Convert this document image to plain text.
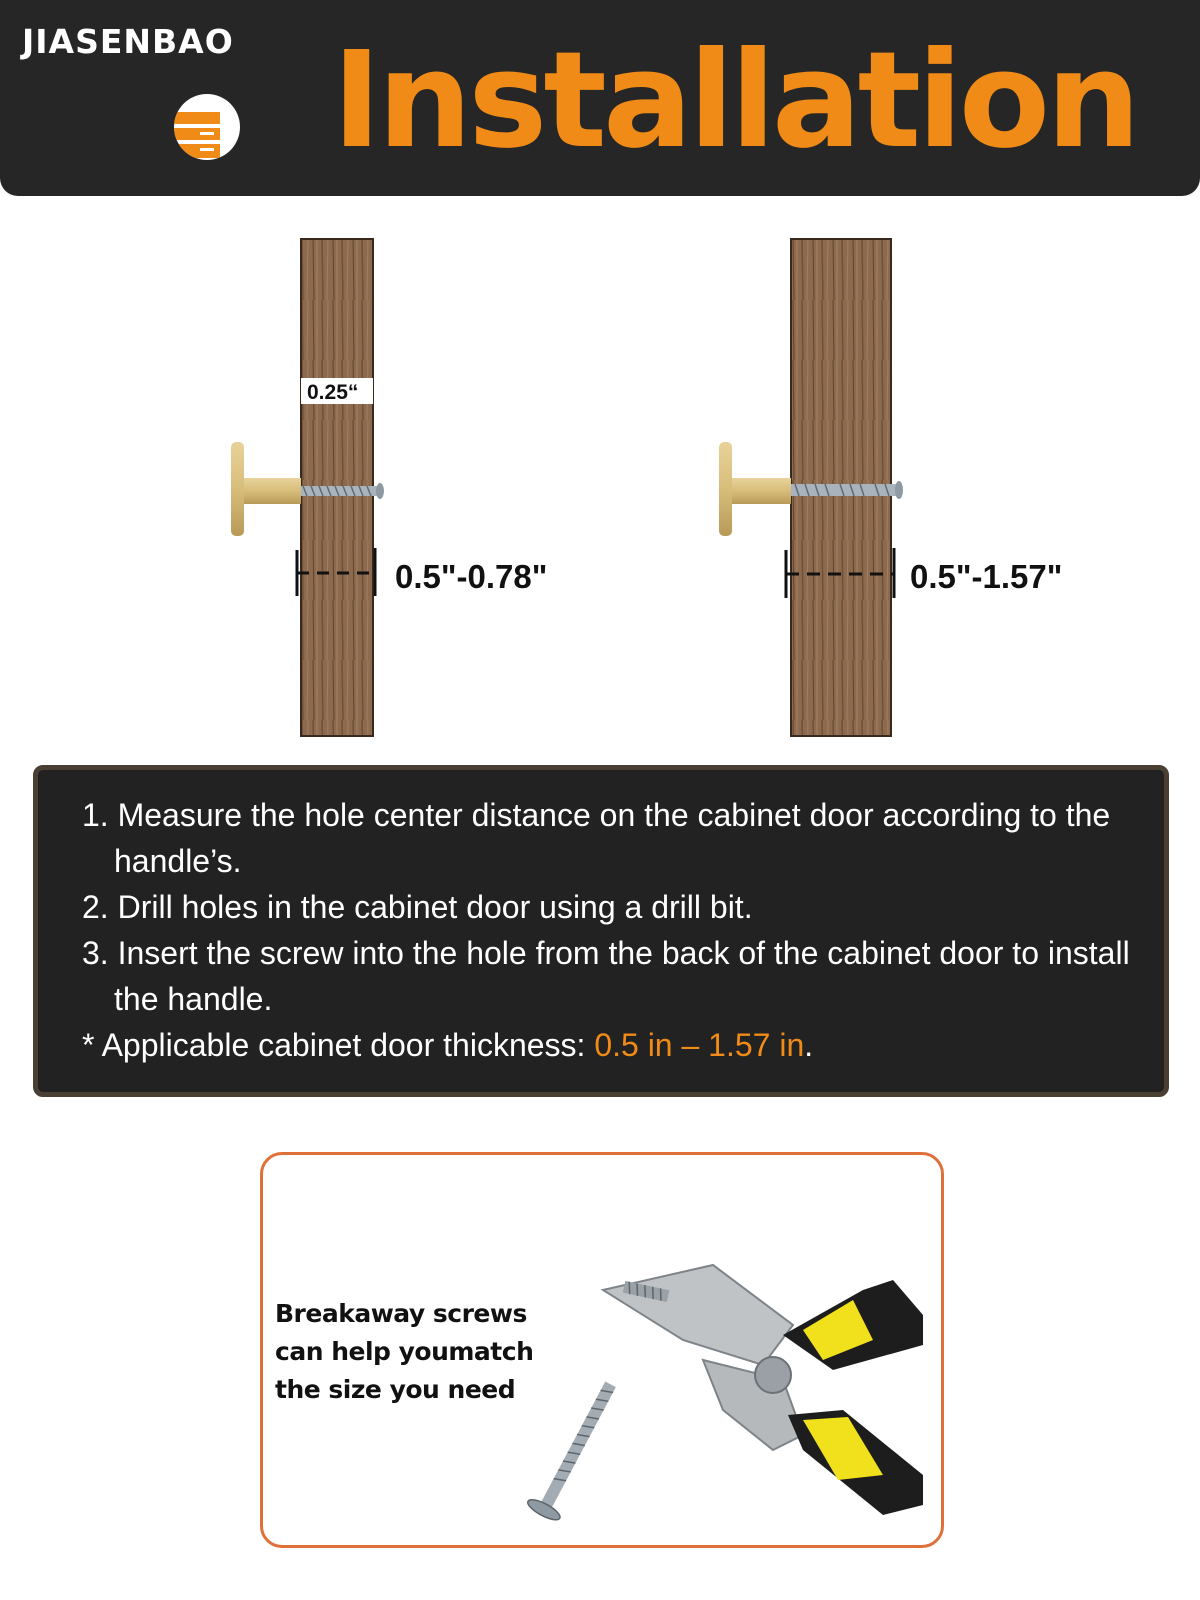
JIASENBAO Installation
0.25“
0.5"-0.78"	0.5"-1.57"
1. Measure the hole center distance on the cabinet door according to the handle’s.
2. Drill holes in the cabinet door using a drill bit.
3. Insert the screw into the hole from the back of the cabinet door to install the handle.
* Applicable cabinet door thickness: 0.5 in – 1.57 in.
Breakaway screws
can help youmatch
the size you need
